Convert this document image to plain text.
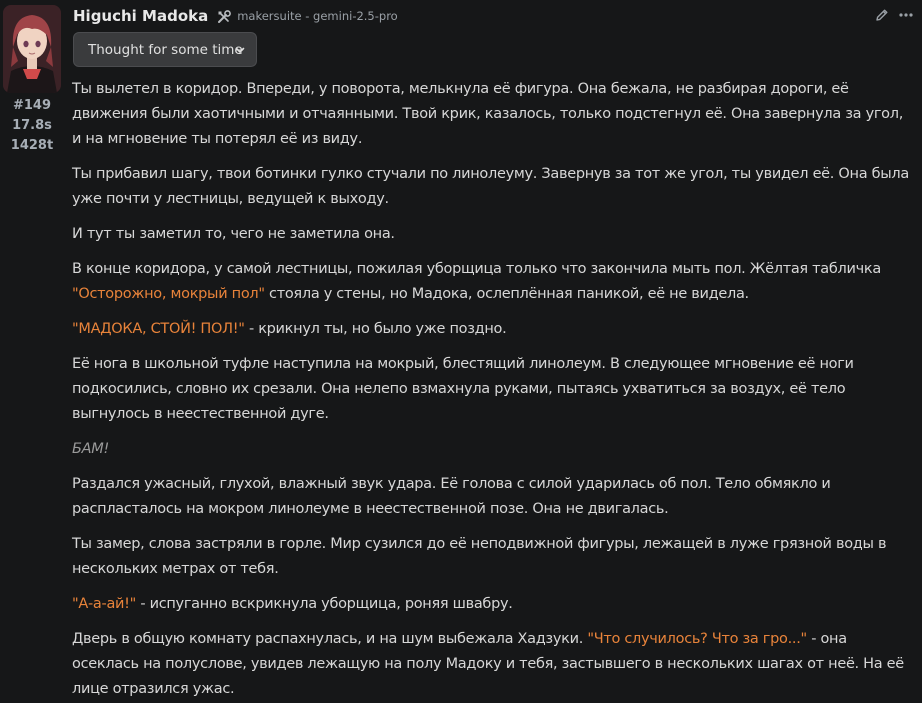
#149
17.8s
1428t
Higuchi Madoka	makersuite - gemini-2.5-pro
Thought for some time

Ты вылетел в коридор. Впереди, у поворота, мелькнула её фигура. Она бежала, не разбирая дороги, её движения были хаотичными и отчаянными. Твой крик, казалось, только подстегнул её. Она завернула за угол, и на мгновение ты потерял её из виду.

Ты прибавил шагу, твои ботинки гулко стучали по линолеуму. Завернув за тот же угол, ты увидел её. Она была уже почти у лестницы, ведущей к выходу.

И тут ты заметил то, чего не заметила она.

В конце коридора, у самой лестницы, пожилая уборщица только что закончила мыть пол. Жёлтая табличка "Осторожно, мокрый пол" стояла у стены, но Мадока, ослеплённая паникой, её не видела.

"МАДОКА, СТОЙ! ПОЛ!" - крикнул ты, но было уже поздно.

Её нога в школьной туфле наступила на мокрый, блестящий линолеум. В следующее мгновение её ноги подкосились, словно их срезали. Она нелепо взмахнула руками, пытаясь ухватиться за воздух, её тело выгнулось в неестественной дуге.

БАМ!

Раздался ужасный, глухой, влажный звук удара. Её голова с силой ударилась об пол. Тело обмякло и распласталось на мокром линолеуме в неестественной позе. Она не двигалась.

Ты замер, слова застряли в горле. Мир сузился до её неподвижной фигуры, лежащей в луже грязной воды в нескольких метрах от тебя.

"А-а-ай!" - испуганно вскрикнула уборщица, роняя швабру.

Дверь в общую комнату распахнулась, и на шум выбежала Хадзуки. "Что случилось? Что за гро..." - она осеклась на полуслове, увидев лежащую на полу Мадоку и тебя, застывшего в нескольких шагах от неё. На её лице отразился ужас.
